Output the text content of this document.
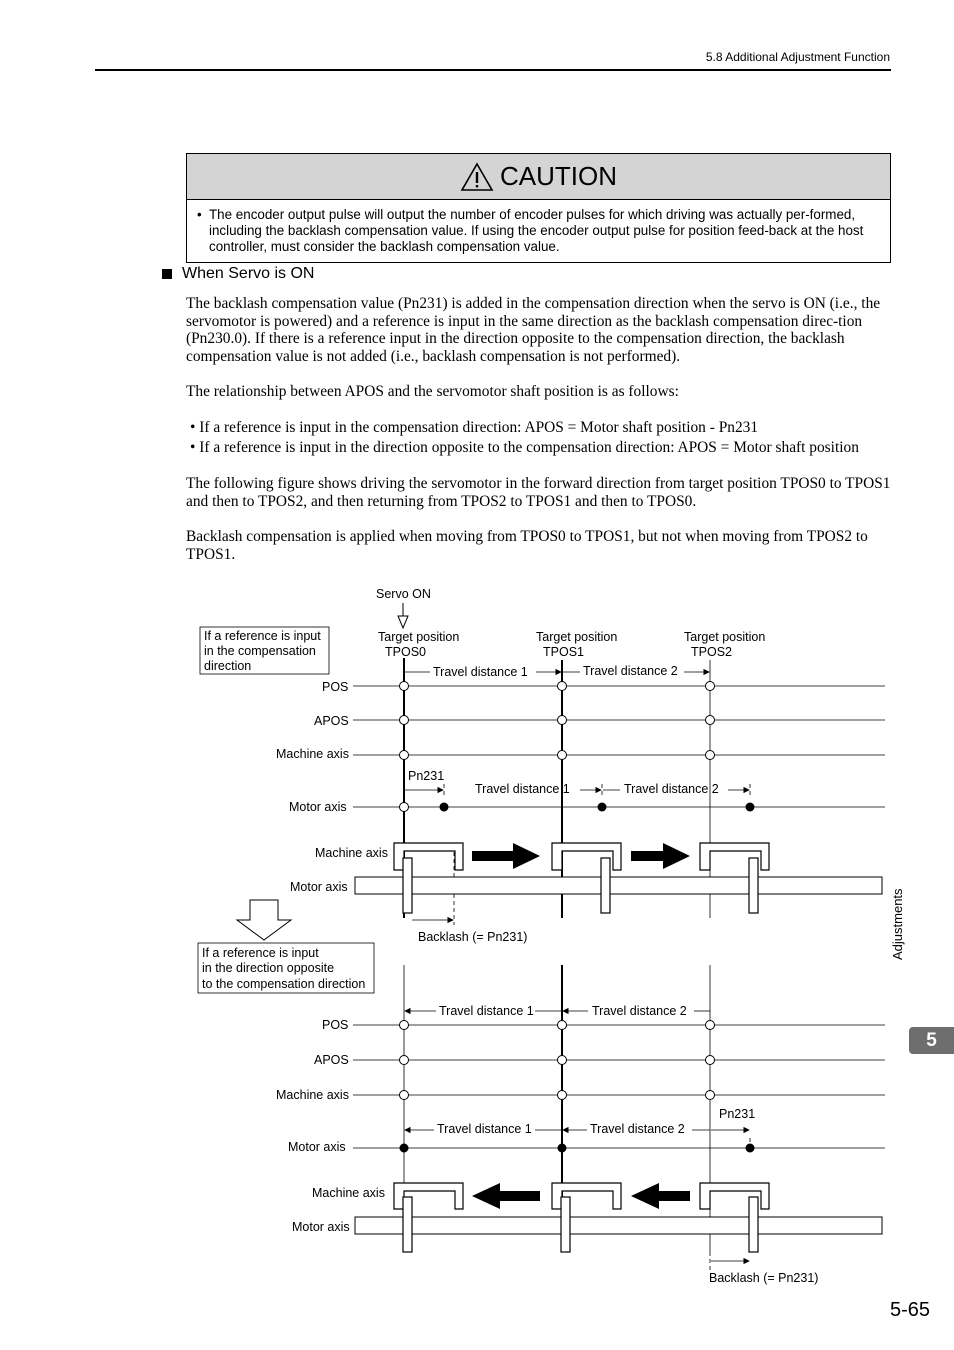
5.8 Additional Adjustment Function
CAUTION
• The encoder output pulse will output the number of encoder pulses for which driving was actually per-formed, including the backlash compensation value. If using the encoder output pulse for position feed-back at the host controller, must consider the backlash compensation value.
When Servo is ON
The backlash compensation value (Pn231) is added in the compensation direction when the servo is ON (i.e., the servomotor is powered) and a reference is input in the same direction as the backlash compensation direc-tion (Pn230.0). If there is a reference input in the direction opposite to the compensation direction, the backlash compensation value is not added (i.e., backlash compensation is not performed).
The relationship between APOS and the servomotor shaft position is as follows:
• If a reference is input in the compensation direction: APOS = Motor shaft position - Pn231
• If a reference is input in the direction opposite to the compensation direction: APOS = Motor shaft position
The following figure shows driving the servomotor in the forward direction from target position TPOS0 to TPOS1 and then to TPOS2, and then returning from TPOS2 to TPOS1 and then to TPOS0.
Backlash compensation is applied when moving from TPOS0 to TPOS1, but not when moving from TPOS2 to TPOS1.
Servo ON
If a reference is input
in the compensation
direction
Target position
TPOS0
Target position
TPOS1
Target position
TPOS2
Travel distance 1	Travel distance 2
POS
APOS
Machine axis
Motor axis
Pn231
Travel distance 1	Travel distance 2
Machine axis
Motor axis
Backlash (= Pn231)
If a reference is input
in the direction opposite
to the compensation direction
Travel distance 1	Travel distance 2
POS
APOS
Machine axis
Motor axis
Pn231
Travel distance 1	Travel distance 2
Machine axis
Motor axis
Backlash (= Pn231)
Adjustments
5
5-65
